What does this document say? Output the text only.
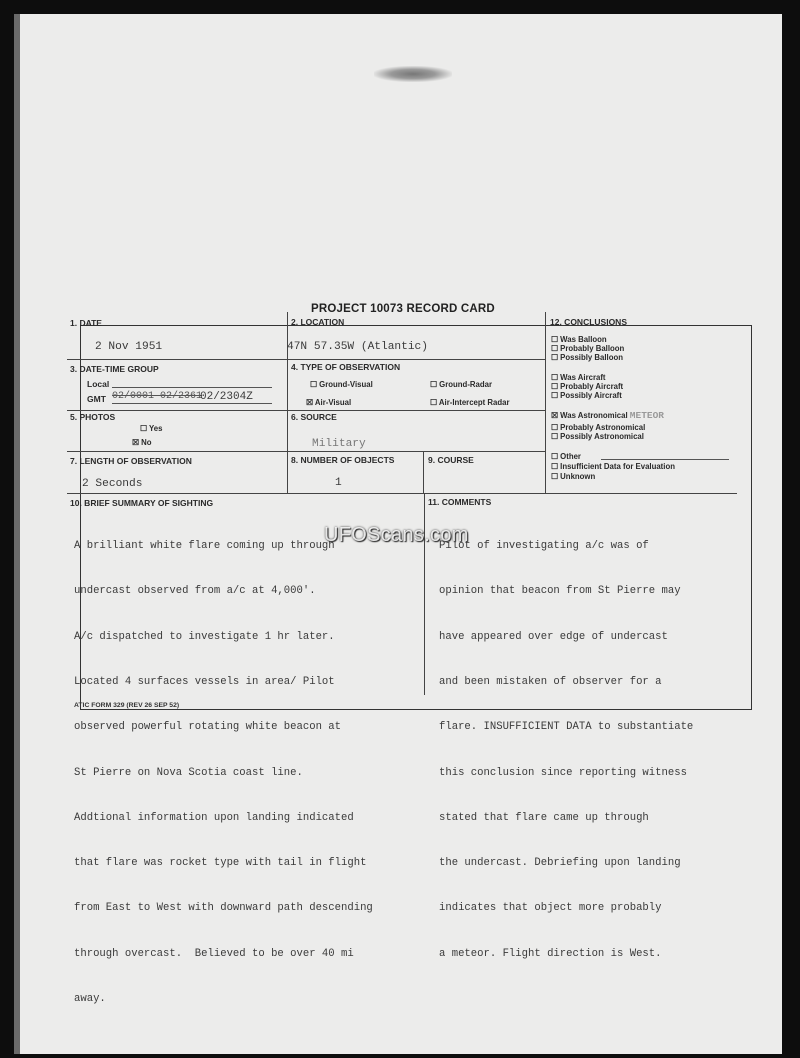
PROJECT 10073 RECORD CARD
1. DATE
2 Nov 1951
2. LOCATION
47N 57.35W (Atlantic)
3. DATE-TIME GROUP
Local
GMT 02/0001 02/2361
02/2304Z
4. TYPE OF OBSERVATION
☐ Ground-Visual	☐ Ground-Radar
☒ Air-Visual	☐ Air-Intercept Radar
5. PHOTOS
☐ Yes
☒ No
6. SOURCE
Military
7. LENGTH OF OBSERVATION
2 Seconds
8. NUMBER OF OBJECTS
1
9. COURSE
12. CONCLUSIONS
☐ Was Balloon
☐ Probably Balloon
☐ Possibly Balloon
☐ Was Aircraft
☐ Probably Aircraft
☐ Possibly Aircraft
☒ Was Astronomical METEOR
☐ Probably Astronomical
☐ Possibly Astronomical
☐ Other
☐ Insufficient Data for Evaluation
☐ Unknown
10. BRIEF SUMMARY OF SIGHTING

A brilliant white flare coming up through

undercast observed from a/c at 4,000'.

A/c dispatched to investigate 1 hr later.

Located 4 surfaces vessels in area/ Pilot

observed powerful rotating white beacon at

St Pierre on Nova Scotia coast line.

Addtional information upon landing indicated

that flare was rocket type with tail in flight

from East to West with downward path descending

through overcast.  Believed to be over 40 mi

away.

11. COMMENTS

Pilot of investigating a/c was of

opinion that beacon from St Pierre may

have appeared over edge of undercast

and been mistaken of observer for a

flare. INSUFFICIENT DATA to substantiate

this conclusion since reporting witness

stated that flare came up through

the undercast. Debriefing upon landing

indicates that object more probably

a meteor. Flight direction is West.

UFOScans.com
ATIC FORM 329 (REV 26 SEP 52)
